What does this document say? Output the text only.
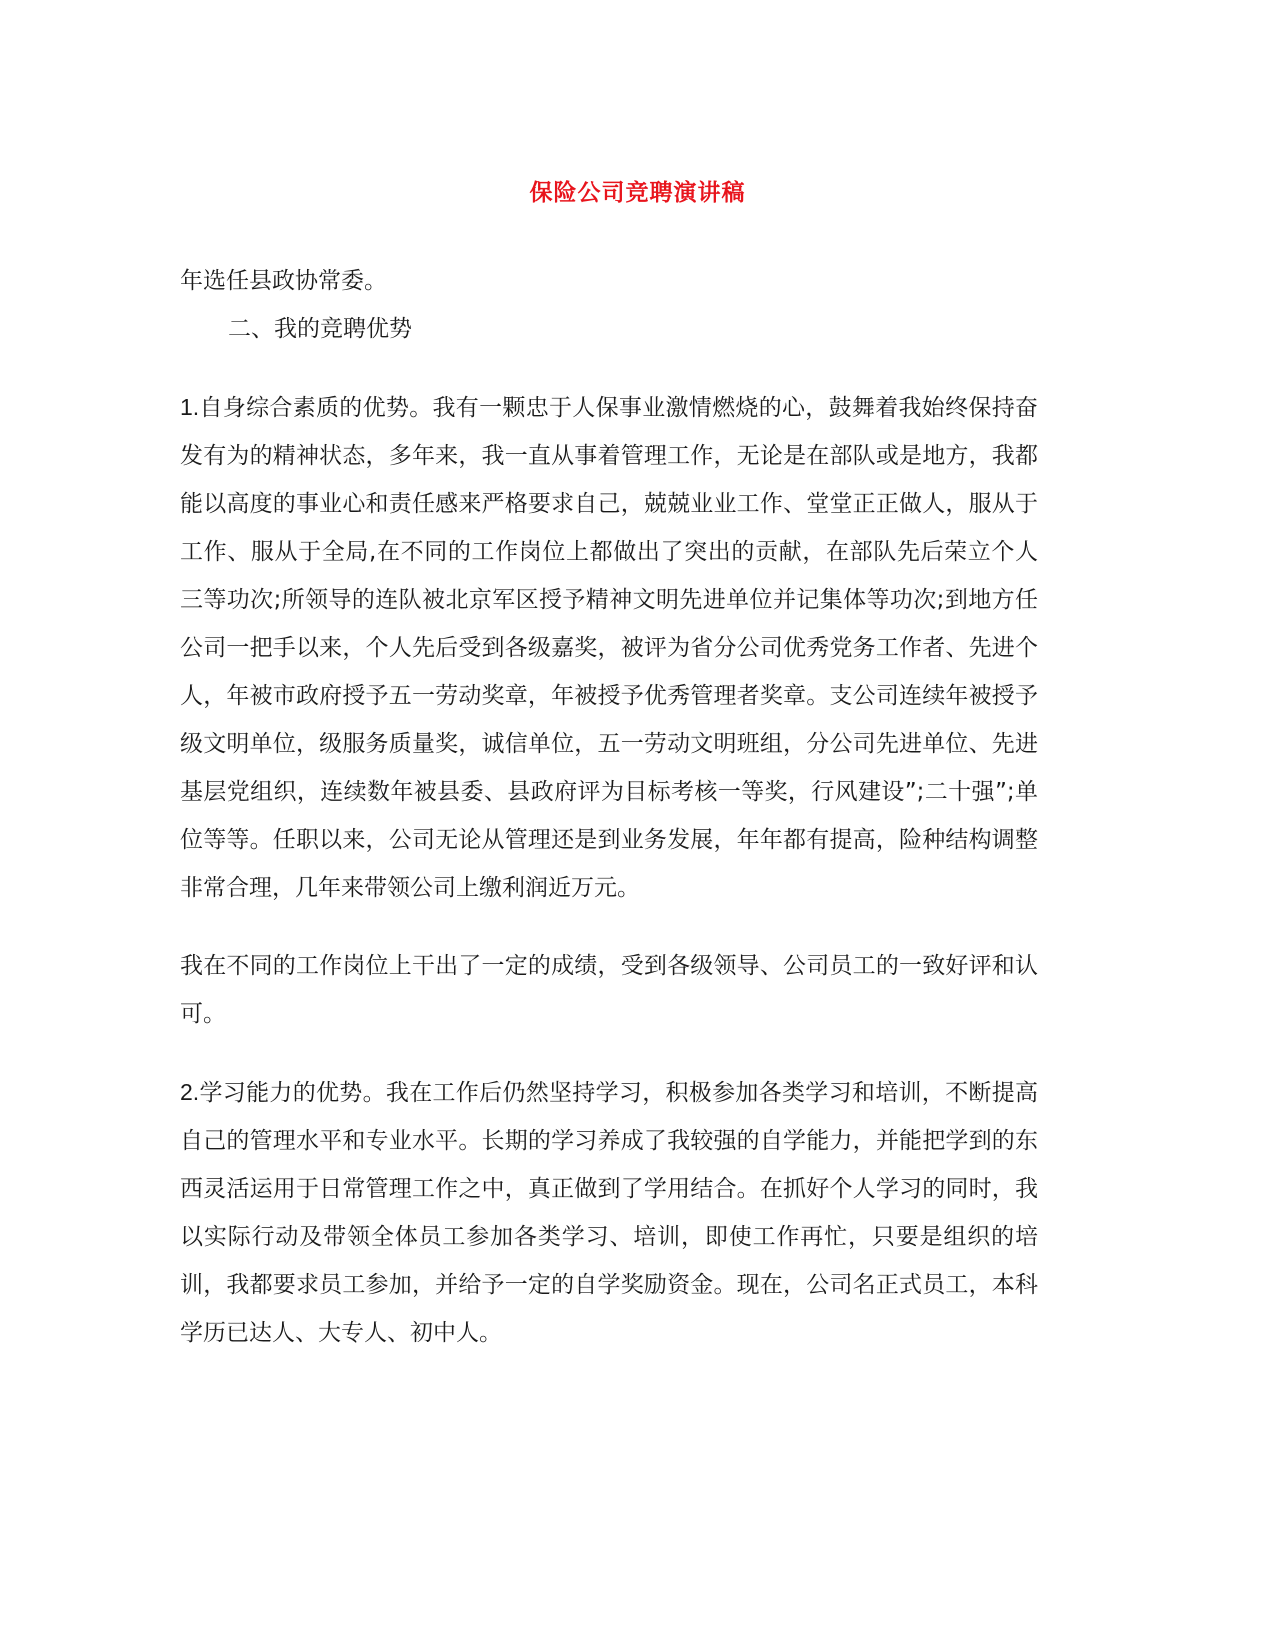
保险公司竞聘演讲稿

年选任县政协常委。

二、我的竞聘优势

1.自身综合素质的优势。我有一颗忠于人保事业激情燃烧的心，鼓舞着我始终保持奋发有为的精神状态，多年来，我一直从事着管理工作，无论是在部队或是地方，我都能以高度的事业心和责任感来严格要求自己，兢兢业业工作、堂堂正正做人，服从于工作、服从于全局,在不同的工作岗位上都做出了突出的贡献，在部队先后荣立个人三等功次;所领导的连队被北京军区授予精神文明先进单位并记集体等功次;到地方任公司一把手以来，个人先后受到各级嘉奖，被评为省分公司优秀党务工作者、先进个人，年被市政府授予五一劳动奖章，年被授予优秀管理者奖章。支公司连续年被授予级文明单位，级服务质量奖，诚信单位，五一劳动文明班组，分公司先进单位、先进基层党组织，连续数年被县委、县政府评为目标考核一等奖，行风建设”;二十强”;单位等等。任职以来，公司无论从管理还是到业务发展，年年都有提高，险种结构调整非常合理，几年来带领公司上缴利润近万元。

我在不同的工作岗位上干出了一定的成绩，受到各级领导、公司员工的一致好评和认可。

2.学习能力的优势。我在工作后仍然坚持学习，积极参加各类学习和培训，不断提高自己的管理水平和专业水平。长期的学习养成了我较强的自学能力，并能把学到的东西灵活运用于日常管理工作之中，真正做到了学用结合。在抓好个人学习的同时，我以实际行动及带领全体员工参加各类学习、培训，即使工作再忙，只要是组织的培训，我都要求员工参加，并给予一定的自学奖励资金。现在，公司名正式员工，本科学历已达人、大专人、初中人。
